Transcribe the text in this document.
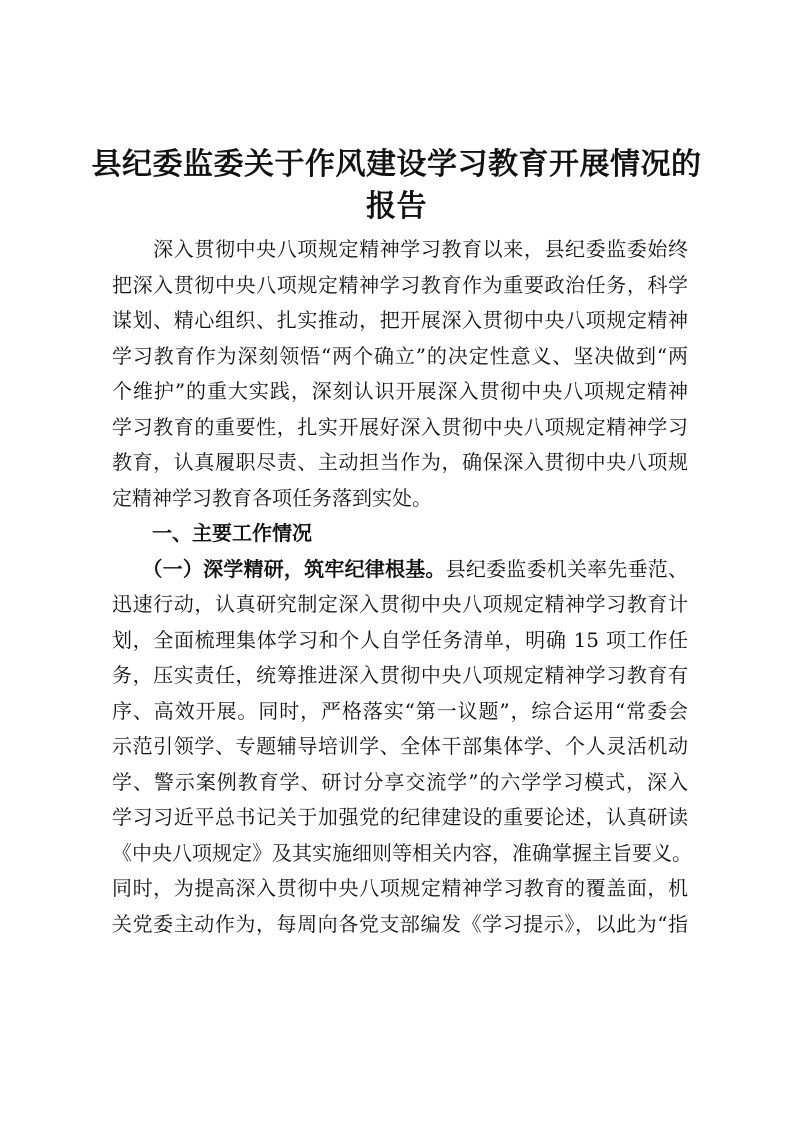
县纪委监委关于作风建设学习教育开展情况的
报告
　　深入贯彻中央八项规定精神学习教育以来，县纪委监委始终
把深入贯彻中央八项规定精神学习教育作为重要政治任务，科学
谋划、精心组织、扎实推动，把开展深入贯彻中央八项规定精神
学习教育作为深刻领悟“两个确立”的决定性意义、坚决做到“两
个维护”的重大实践，深刻认识开展深入贯彻中央八项规定精神
学习教育的重要性，扎实开展好深入贯彻中央八项规定精神学习
教育，认真履职尽责、主动担当作为，确保深入贯彻中央八项规
定精神学习教育各项任务落到实处。
　　一、主要工作情况
　　（一）深学精研，筑牢纪律根基。县纪委监委机关率先垂范、
迅速行动，认真研究制定深入贯彻中央八项规定精神学习教育计
划，全面梳理集体学习和个人自学任务清单，明确 15 项工作任
务，压实责任，统筹推进深入贯彻中央八项规定精神学习教育有
序、高效开展。同时，严格落实“第一议题”，综合运用“常委会
示范引领学、专题辅导培训学、全体干部集体学、个人灵活机动
学、警示案例教育学、研讨分享交流学”的六学学习模式，深入
学习习近平总书记关于加强党的纪律建设的重要论述，认真研读
《中央八项规定》及其实施细则等相关内容，准确掌握主旨要义。
同时，为提高深入贯彻中央八项规定精神学习教育的覆盖面，机
关党委主动作为，每周向各党支部编发《学习提示》，以此为“指
